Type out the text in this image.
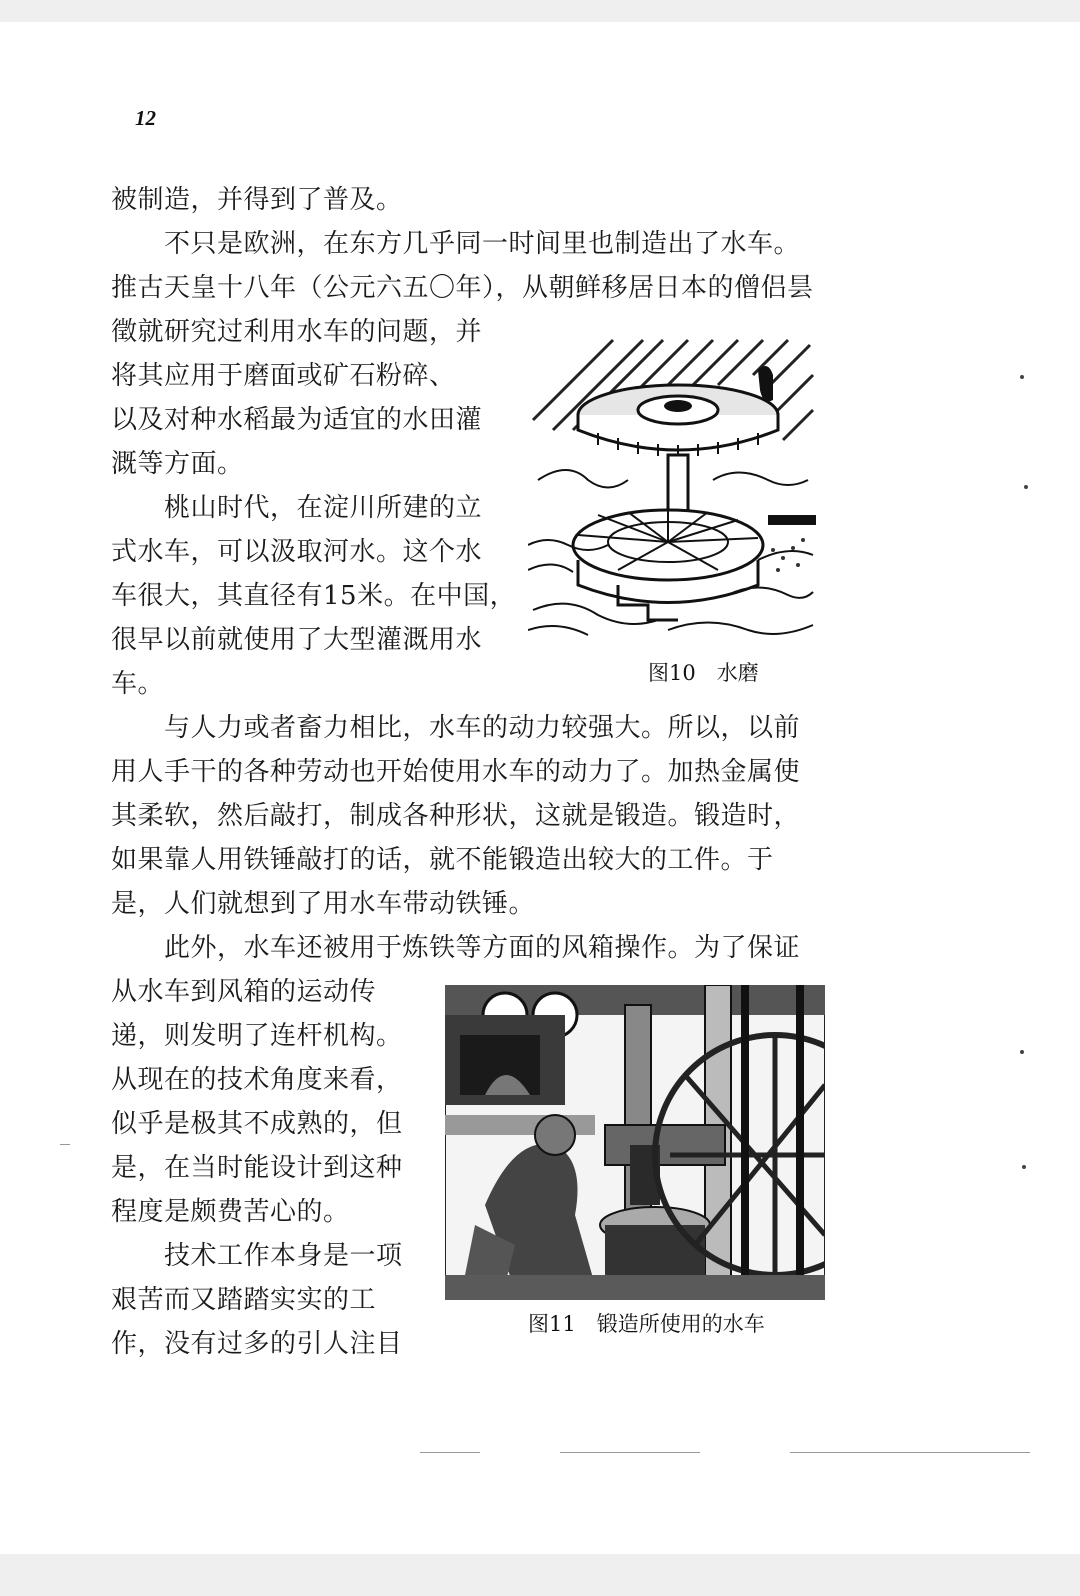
12
被制造，并得到了普及。
　　不只是欧洲，在东方几乎同一时间里也制造出了水车。
推古天皇十八年（公元六五〇年），从朝鲜移居日本的僧侣昙
徵就研究过利用水车的问题，并
将其应用于磨面或矿石粉碎、
以及对种水稻最为适宜的水田灌
溉等方面。
　　桃山时代，在淀川所建的立
式水车，可以汲取河水。这个水
车很大，其直径有15米。在中国，
很早以前就使用了大型灌溉用水
车。	图10　水磨
　　与人力或者畜力相比，水车的动力较强大。所以，以前
用人手干的各种劳动也开始使用水车的动力了。加热金属使
其柔软，然后敲打，制成各种形状，这就是锻造。锻造时，
如果靠人用铁锤敲打的话，就不能锻造出较大的工件。于
是，人们就想到了用水车带动铁锤。
　　此外，水车还被用于炼铁等方面的风箱操作。为了保证
从水车到风箱的运动传
递，则发明了连杆机构。
从现在的技术角度来看，
似乎是极其不成熟的，但
是，在当时能设计到这种
程度是颇费苦心的。
　　技术工作本身是一项
艰苦而又踏踏实实的工
作，没有过多的引人注目
图11　锻造所使用的水车
